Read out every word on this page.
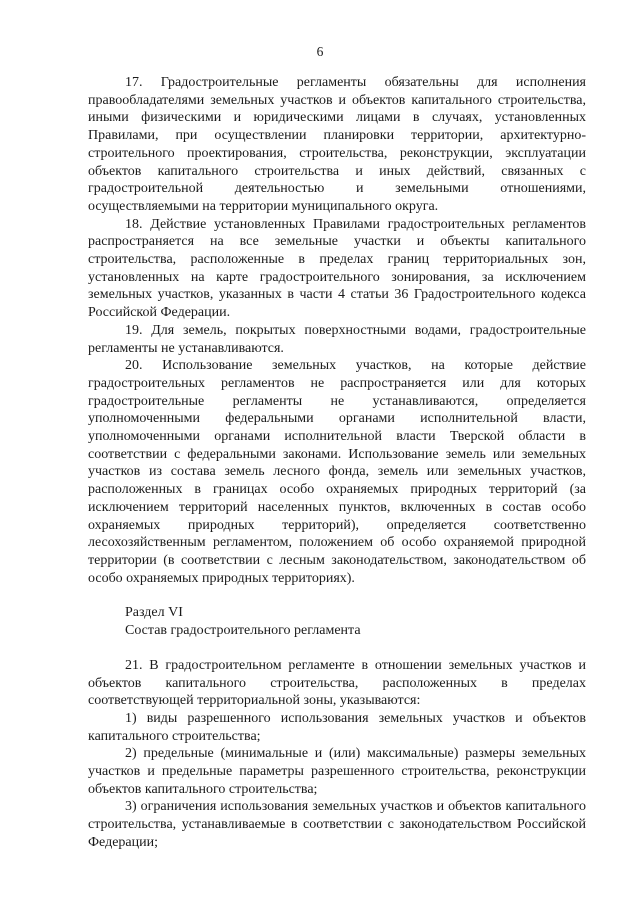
6

17. Градостроительные регламенты обязательны для исполнения правообладателями земельных участков и объектов капитального строительства, иными физическими и юридическими лицами в случаях, установленных Правилами, при осуществлении планировки территории, архитектурно-строительного проектирования, строительства, реконструкции, эксплуатации объектов капитального строительства и иных действий, связанных с градостроительной деятельностью и земельными отношениями, осуществляемыми на территории муниципального округа.

18. Действие установленных Правилами градостроительных регламентов распространяется на все земельные участки и объекты капитального строительства, расположенные в пределах границ территориальных зон, установленных на карте градостроительного зонирования, за исключением земельных участков, указанных в части 4 статьи 36 Градостроительного кодекса Российской Федерации.

19. Для земель, покрытых поверхностными водами, градостроительные регламенты не устанавливаются.

20. Использование земельных участков, на которые действие градостроительных регламентов не распространяется или для которых градостроительные регламенты не устанавливаются, определяется уполномоченными федеральными органами исполнительной власти, уполномоченными органами исполнительной власти Тверской области в соответствии с федеральными законами. Использование земель или земельных участков из состава земель лесного фонда, земель или земельных участков, расположенных в границах особо охраняемых природных территорий (за исключением территорий населенных пунктов, включенных в состав особо охраняемых природных территорий), определяется соответственно лесохозяйственным регламентом, положением об особо охраняемой природной территории (в соответствии с лесным законодательством, законодательством об особо охраняемых природных территориях).

Раздел VI

Состав градостроительного регламента

21. В градостроительном регламенте в отношении земельных участков и объектов капитального строительства, расположенных в пределах соответствующей территориальной зоны, указываются:

1) виды разрешенного использования земельных участков и объектов капитального строительства;

2) предельные (минимальные и (или) максимальные) размеры земельных участков и предельные параметры разрешенного строительства, реконструкции объектов капитального строительства;

3) ограничения использования земельных участков и объектов капитального строительства, устанавливаемые в соответствии с законодательством Российской Федерации;
